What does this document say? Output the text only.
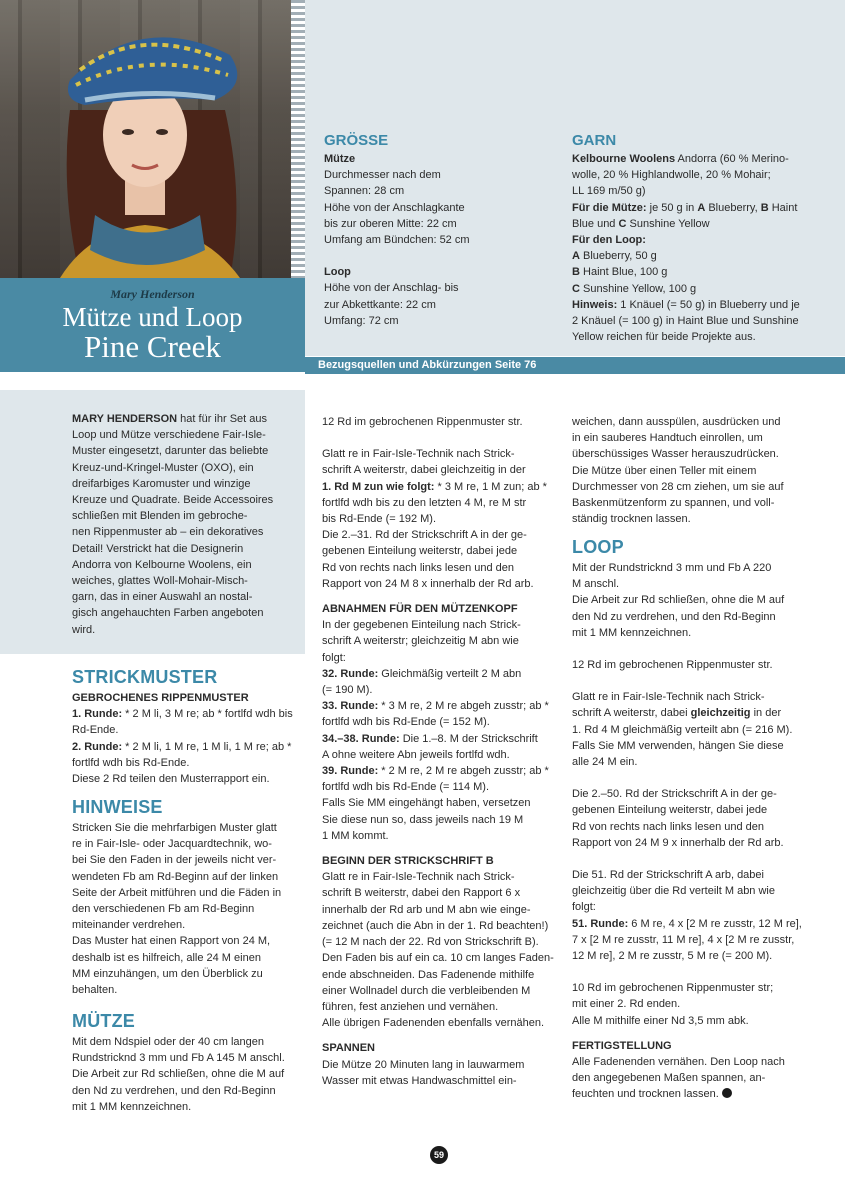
Mary Henderson
Mütze und Loop
Pine Creek
GRÖSSE

Mütze

Durchmesser nach dem

Spannen: 28 cm

Höhe von der Anschlagkante

bis zur oberen Mitte: 22 cm

Umfang am Bündchen: 52 cm

Loop

Höhe von der Anschlag- bis

zur Abkettkante: 22 cm

Umfang: 72 cm

GARN

Kelbourne Woolens Andorra (60 % Merino-

wolle, 20 % Highlandwolle, 20 % Mohair;

LL 169 m/50 g)

Für die Mütze: je 50 g in A Blueberry, B Haint

Blue und C Sunshine Yellow

Für den Loop:

A Blueberry, 50 g

B Haint Blue, 100 g

C Sunshine Yellow, 100 g

Hinweis: 1 Knäuel (= 50 g) in Blueberry und je

2 Knäuel (= 100 g) in Haint Blue und Sunshine

Yellow reichen für beide Projekte aus.

Bezugsquellen und Abkürzungen Seite 76

MARY HENDERSON hat für ihr Set aus

Loop und Mütze verschiedene Fair-Isle-

Muster eingesetzt, darunter das beliebte

Kreuz-und-Kringel-Muster (OXO), ein

dreifarbiges Karomuster und winzige

Kreuze und Quadrate. Beide Accessoires

schließen mit Blenden im gebroche-

nen Rippenmuster ab – ein dekoratives

Detail! Verstrickt hat die Designerin

Andorra von Kelbourne Woolens, ein

weiches, glattes Woll-Mohair-Misch-

garn, das in einer Auswahl an nostal-

gisch angehauchten Farben angeboten

wird.

STRICKMUSTER

GEBROCHENES RIPPENMUSTER

1. Runde: * 2 M li, 3 M re; ab * fortlfd wdh bis

Rd-Ende.

2. Runde: * 2 M li, 1 M re, 1 M li, 1 M re; ab *

fortlfd wdh bis Rd-Ende.

Diese 2 Rd teilen den Musterrapport ein.

HINWEISE

Stricken Sie die mehrfarbigen Muster glatt

re in Fair-Isle- oder Jacquardtechnik, wo-

bei Sie den Faden in der jeweils nicht ver-

wendeten Fb am Rd-Beginn auf der linken

Seite der Arbeit mitführen und die Fäden in

den verschiedenen Fb am Rd-Beginn

miteinander verdrehen.

Das Muster hat einen Rapport von 24 M,

deshalb ist es hilfreich, alle 24 M einen

MM einzuhängen, um den Überblick zu

behalten.

MÜTZE

Mit dem Ndspiel oder der 40 cm langen

Rundstricknd 3 mm und Fb A 145 M anschl.

Die Arbeit zur Rd schließen, ohne die M auf

den Nd zu verdrehen, und den Rd-Beginn

mit 1 MM kennzeichnen.

12 Rd im gebrochenen Rippenmuster str.

Glatt re in Fair-Isle-Technik nach Strick-

schrift A weiterstr, dabei gleichzeitig in der

1. Rd M zun wie folgt: * 3 M re, 1 M zun; ab *

fortlfd wdh bis zu den letzten 4 M, re M str

bis Rd-Ende (= 192 M).

Die 2.–31. Rd der Strickschrift A in der ge-

gebenen Einteilung weiterstr, dabei jede

Rd von rechts nach links lesen und den

Rapport von 24 M 8 x innerhalb der Rd arb.

ABNAHMEN FÜR DEN MÜTZENKOPF

In der gegebenen Einteilung nach Strick-

schrift A weiterstr; gleichzeitig M abn wie

folgt:

32. Runde: Gleichmäßig verteilt 2 M abn

(= 190 M).

33. Runde: * 3 M re, 2 M re abgeh zusstr; ab *

fortlfd wdh bis Rd-Ende (= 152 M).

34.–38. Runde: Die 1.–8. M der Strickschrift

A ohne weitere Abn jeweils fortlfd wdh.

39. Runde: * 2 M re, 2 M re abgeh zusstr; ab *

fortlfd wdh bis Rd-Ende (= 114 M).

Falls Sie MM eingehängt haben, versetzen

Sie diese nun so, dass jeweils nach 19 M

1 MM kommt.

BEGINN DER STRICKSCHRIFT B

Glatt re in Fair-Isle-Technik nach Strick-

schrift B weiterstr, dabei den Rapport 6 x

innerhalb der Rd arb und M abn wie einge-

zeichnet (auch die Abn in der 1. Rd beachten!)

(= 12 M nach der 22. Rd von Strickschrift B).

Den Faden bis auf ein ca. 10 cm langes Faden-

ende abschneiden. Das Fadenende mithilfe

einer Wollnadel durch die verbleibenden M

führen, fest anziehen und vernähen.

Alle übrigen Fadenenden ebenfalls vernähen.

SPANNEN

Die Mütze 20 Minuten lang in lauwarmem

Wasser mit etwas Handwaschmittel ein-

weichen, dann ausspülen, ausdrücken und

in ein sauberes Handtuch einrollen, um

überschüssiges Wasser herauszudrücken.

Die Mütze über einen Teller mit einem

Durchmesser von 28 cm ziehen, um sie auf

Baskenmützenform zu spannen, und voll-

ständig trocknen lassen.

LOOP

Mit der Rundstricknd 3 mm und Fb A 220

M anschl.

Die Arbeit zur Rd schließen, ohne die M auf

den Nd zu verdrehen, und den Rd-Beginn

mit 1 MM kennzeichnen.

12 Rd im gebrochenen Rippenmuster str.

Glatt re in Fair-Isle-Technik nach Strick-

schrift A weiterstr, dabei gleichzeitig in der

1. Rd 4 M gleichmäßig verteilt abn (= 216 M).

Falls Sie MM verwenden, hängen Sie diese

alle 24 M ein.

Die 2.–50. Rd der Strickschrift A in der ge-

gebenen Einteilung weiterstr, dabei jede

Rd von rechts nach links lesen und den

Rapport von 24 M 9 x innerhalb der Rd arb.

Die 51. Rd der Strickschrift A arb, dabei

gleichzeitig über die Rd verteilt M abn wie

folgt:

51. Runde: 6 M re, 4 x [2 M re zusstr, 12 M re],

7 x [2 M re zusstr, 11 M re], 4 x [2 M re zusstr,

12 M re], 2 M re zusstr, 5 M re (= 200 M).

10 Rd im gebrochenen Rippenmuster str;

mit einer 2. Rd enden.

Alle M mithilfe einer Nd 3,5 mm abk.

FERTIGSTELLUNG

Alle Fadenenden vernähen. Den Loop nach

den angegebenen Maßen spannen, an-

feuchten und trocknen lassen.

59
